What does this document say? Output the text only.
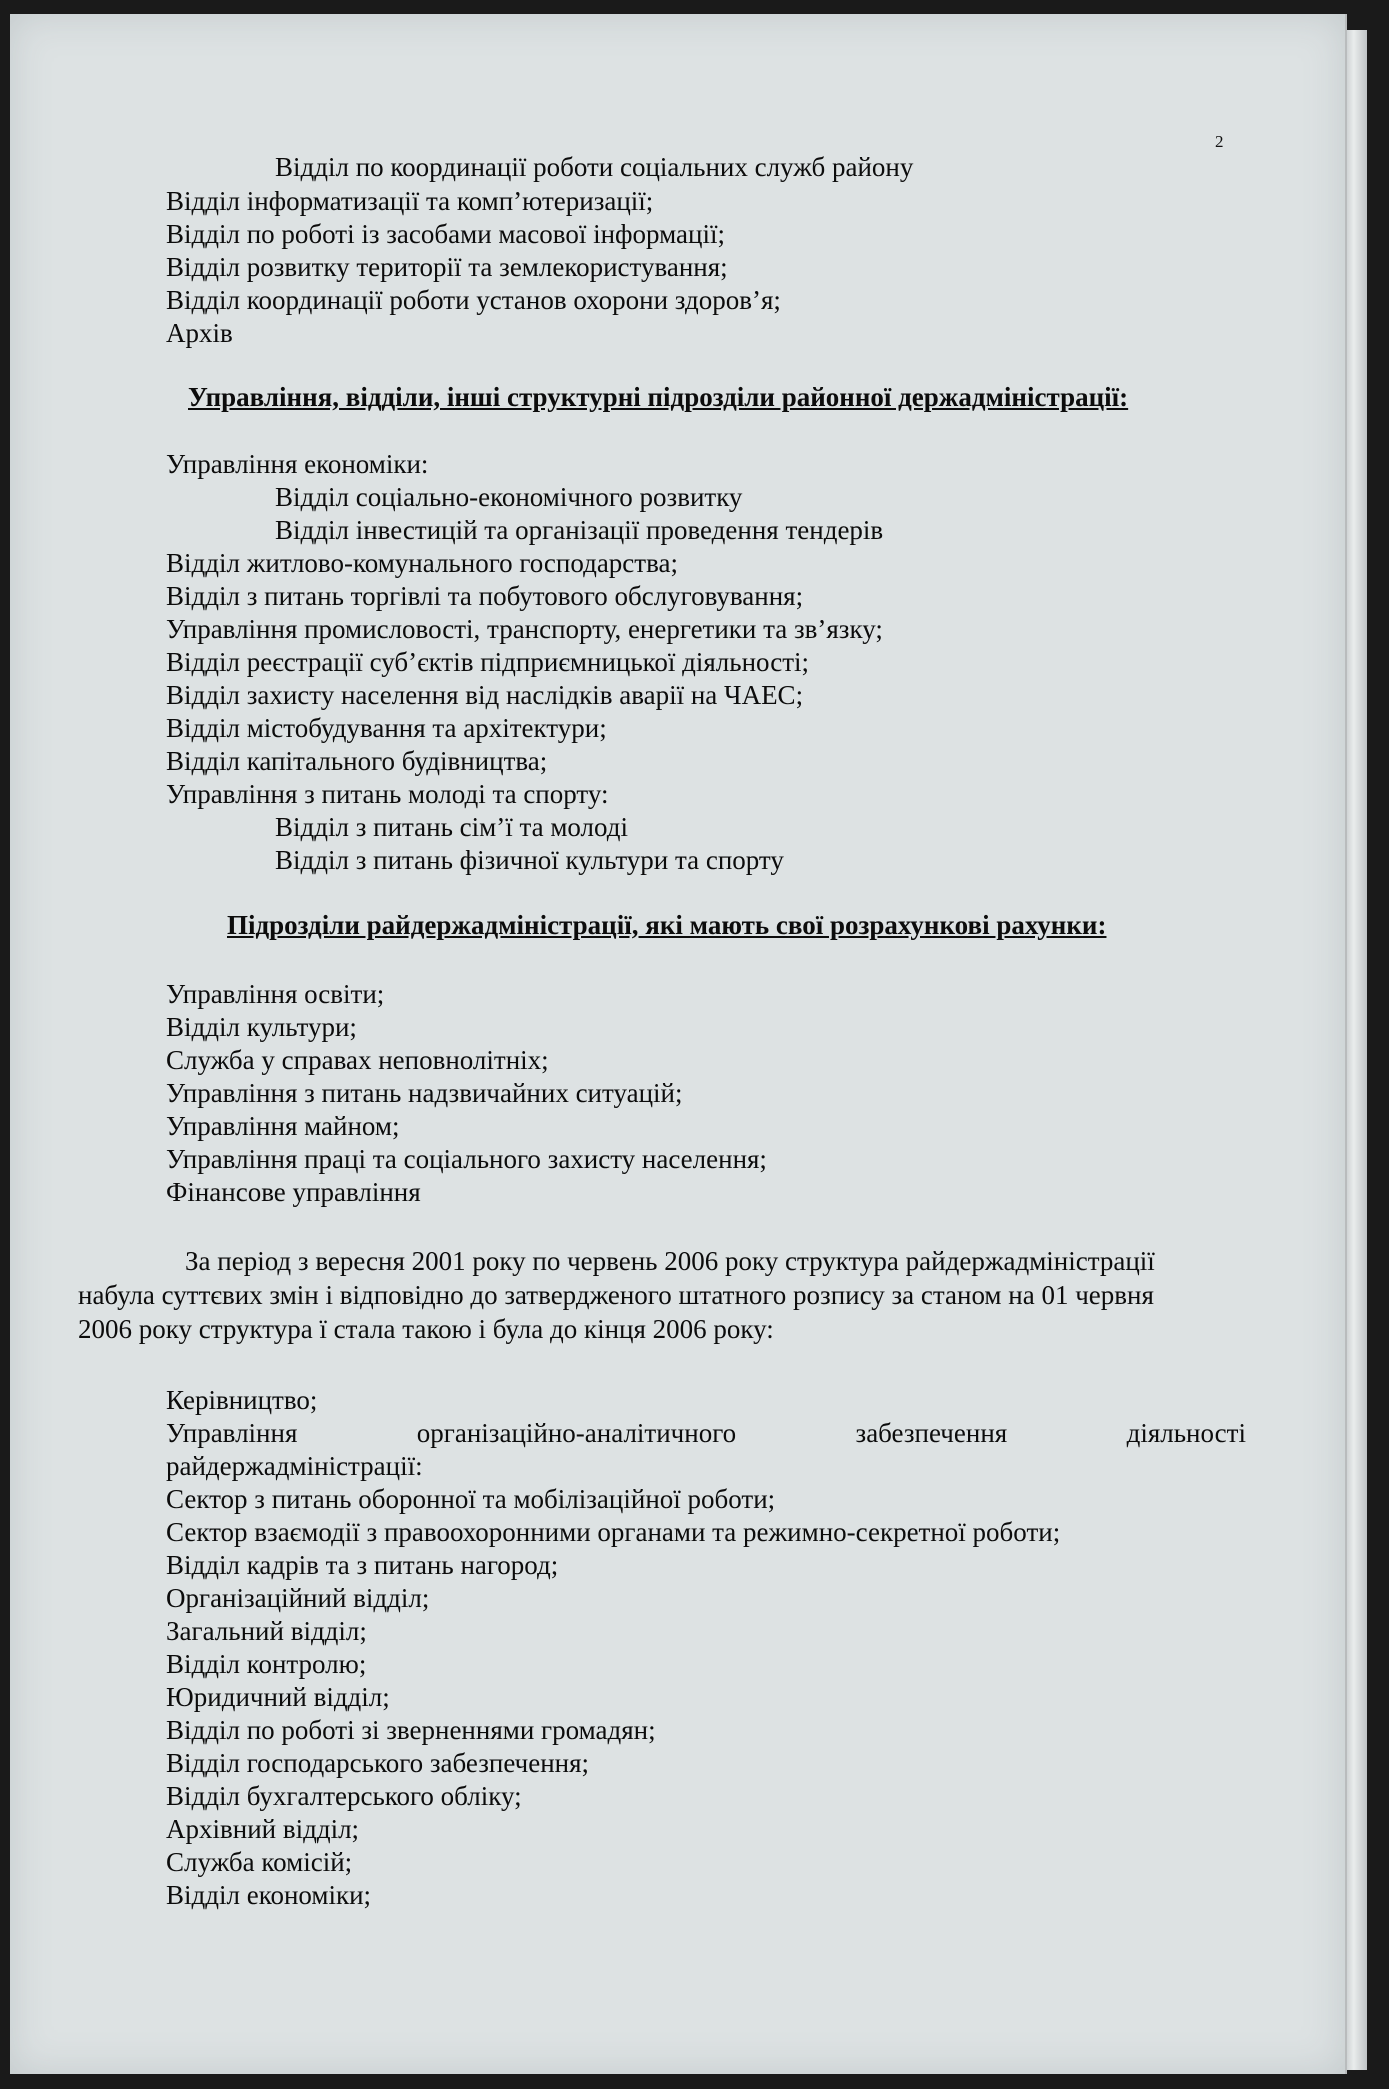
2
Відділ по координації роботи соціальних служб району
Відділ інформатизації та комп’ютеризації;
Відділ по роботі із засобами масової інформації;
Відділ розвитку території та землекористування;
Відділ координації роботи установ охорони здоров’я;
Архів
Управління, відділи, інші структурні підрозділи районної держадміністрації:
Управління економіки:
Відділ соціально-економічного розвитку
Відділ інвестицій та організації проведення тендерів
Відділ житлово-комунального господарства;
Відділ з питань торгівлі та побутового обслуговування;
Управління промисловості, транспорту, енергетики та зв’язку;
Відділ реєстрації суб’єктів підприємницької діяльності;
Відділ захисту населення від наслідків аварії на ЧАЕС;
Відділ містобудування та архітектури;
Відділ капітального будівництва;
Управління з питань молоді та спорту:
Відділ з питань сім’ї та молоді
Відділ з питань фізичної культури та спорту
Підрозділи райдержадміністрації, які мають свої розрахункові рахунки:
Управління освіти;
Відділ культури;
Служба у справах неповнолітніх;
Управління з питань надзвичайних ситуацій;
Управління майном;
Управління праці та соціального захисту населення;
Фінансове управління
За період з вересня 2001 року по червень 2006 року структура райдержадміністрації
набула суттєвих змін і відповідно до затвердженого штатного розпису за станом на 01 червня
2006 року структура ї стала такою і була до кінця 2006 року:
Керівництво;
Управління	організаційно-аналітичного	забезпечення	діяльності
райдержадміністрації:
Сектор з питань оборонної та мобілізаційної роботи;
Сектор взаємодії з правоохоронними органами та режимно-секретної роботи;
Відділ кадрів та з питань нагород;
Організаційний відділ;
Загальний відділ;
Відділ контролю;
Юридичний відділ;
Відділ по роботі зі зверненнями громадян;
Відділ господарського забезпечення;
Відділ бухгалтерського обліку;
Архівний відділ;
Служба комісій;
Відділ економіки;
